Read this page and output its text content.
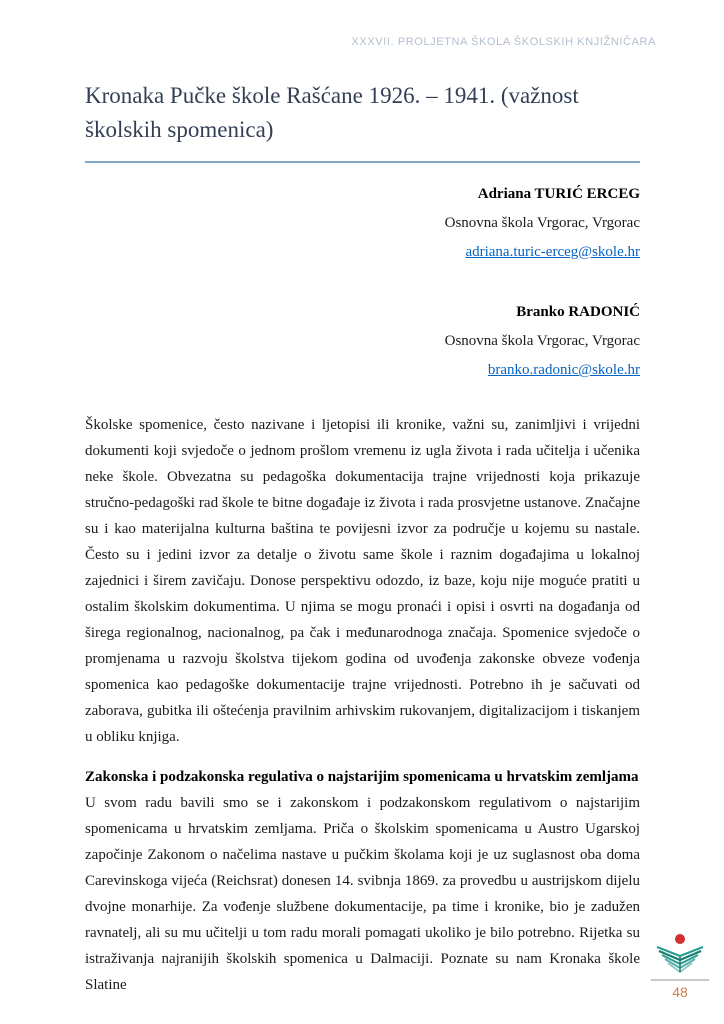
XXXVII. PROLJETNA ŠKOLA ŠKOLSKIH KNJIŽNIČARA
Kronaka Pučke škole Rašćane 1926. – 1941. (važnost školskih spomenica)
Adriana TURIĆ ERCEG
Osnovna škola Vrgorac, Vrgorac
adriana.turic-erceg@skole.hr
Branko RADONIĆ
Osnovna škola Vrgorac, Vrgorac
branko.radonic@skole.hr

Školske spomenice, često nazivane i ljetopisi ili kronike, važni su, zanimljivi i vrijedni dokumenti koji svjedoče o jednom prošlom vremenu iz ugla života i rada učitelja i učenika neke škole. Obvezatna su pedagoška dokumentacija trajne vrijednosti koja prikazuje stručno-pedagoški rad škole te bitne događaje iz života i rada prosvjetne ustanove. Značajne su i kao materijalna kulturna baština te povijesni izvor za područje u kojemu su nastale. Često su i jedini izvor za detalje o životu same škole i raznim događajima u lokalnoj zajednici i širem zavičaju. Donose perspektivu odozdo, iz baze, koju nije moguće pratiti u ostalim školskim dokumentima. U njima se mogu pronaći i opisi i osvrti na događanja od širega regionalnog, nacionalnog, pa čak i međunarodnoga značaja. Spomenice svjedoče o promjenama u razvoju školstva tijekom godina od uvođenja zakonske obveze vođenja spomenica kao pedagoške dokumentacije trajne vrijednosti. Potrebno ih je sačuvati od zaborava, gubitka ili oštećenja pravilnim arhivskim rukovanjem, digitalizacijom i tiskanjem u obliku knjiga.

Zakonska i podzakonska regulativa o najstarijim spomenicama u hrvatskim zemljama

U svom radu bavili smo se i zakonskom i podzakonskom regulativom o najstarijim spomenicama u hrvatskim zemljama. Priča o školskim spomenicama u Austro Ugarskoj započinje Zakonom o načelima nastave u pučkim školama koji je uz suglasnost oba doma Carevinskoga vijeća (Reichsrat) donesen 14. svibnja 1869. za provedbu u austrijskom dijelu dvojne monarhije. Za vođenje službene dokumentacije, pa time i kronike, bio je zadužen ravnatelj, ali su mu učitelji u tom radu morali pomagati ukoliko je bilo potrebno. Rijetka su istraživanja najranijih školskih spomenica u Dalmaciji. Poznate su nam Kronaka škole Slatine	48
